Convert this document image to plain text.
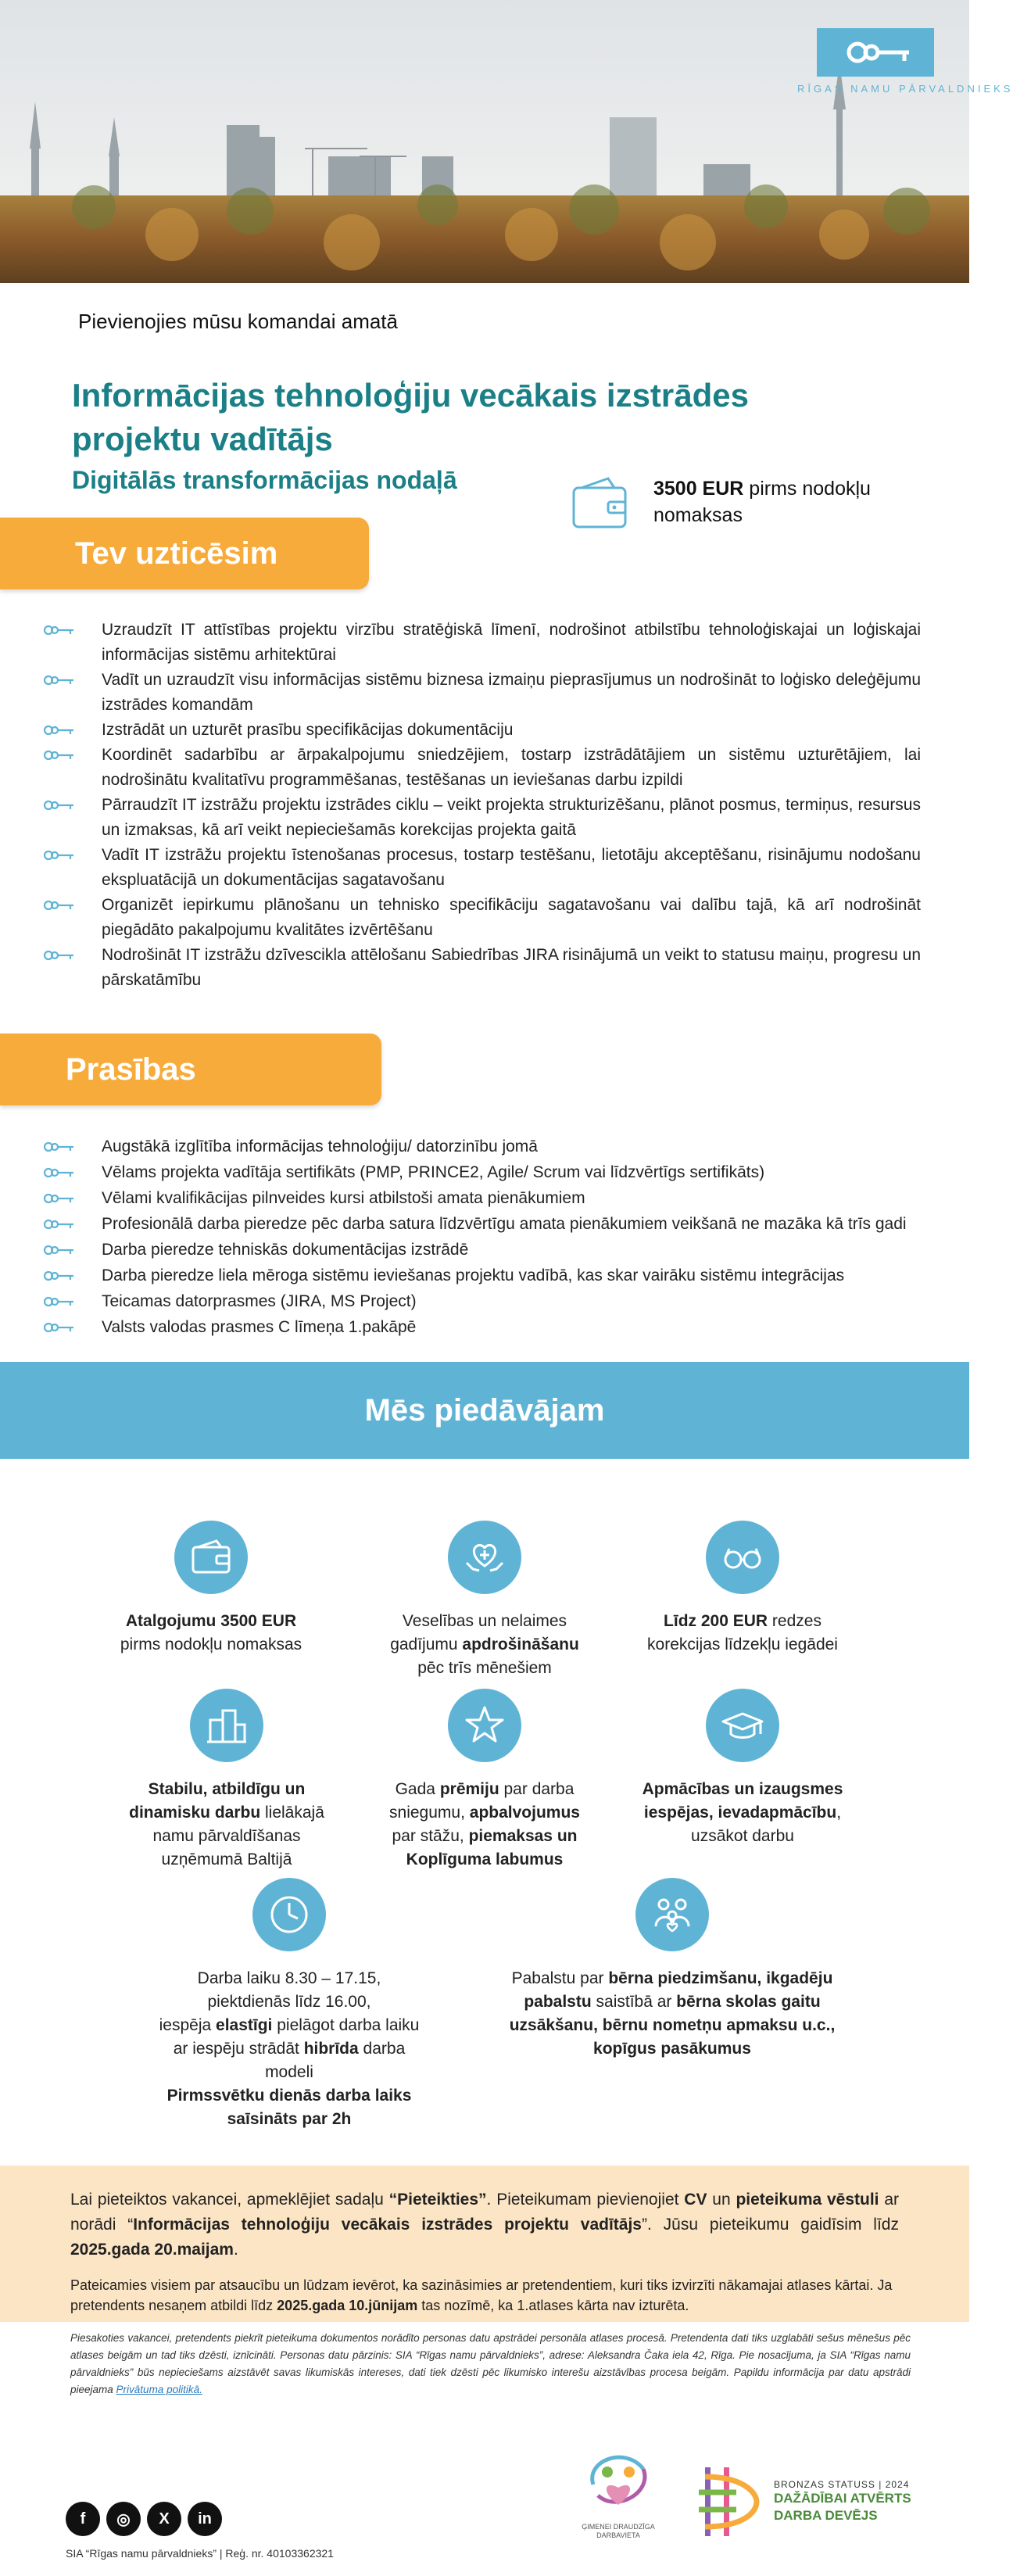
RĪGAS NAMU PĀRVALDNIEKS
Pievienojies mūsu komandai amatā
Informācijas tehnoloģiju vecākais izstrādes projektu vadītājs
Digitālās transformācijas nodaļā	3500 EUR pirms nodokļu nomaksas
Tev uzticēsim
Uzraudzīt IT attīstības projektu virzību stratēģiskā līmenī, nodrošinot atbilstību tehnoloģiskajai un loģiskajai informācijas sistēmu arhitektūrai
Vadīt un uzraudzīt visu informācijas sistēmu biznesa izmaiņu pieprasījumus un nodrošināt to loģisko deleģējumu izstrādes komandām
Izstrādāt un uzturēt prasību specifikācijas dokumentāciju
Koordinēt sadarbību ar ārpakalpojumu sniedzējiem, tostarp izstrādātājiem un sistēmu uzturētājiem, lai nodrošinātu kvalitatīvu programmēšanas, testēšanas un ieviešanas darbu izpildi
Pārraudzīt IT izstrāžu projektu izstrādes ciklu – veikt projekta strukturizēšanu, plānot posmus, termiņus, resursus un izmaksas, kā arī veikt nepieciešamās korekcijas projekta gaitā
Vadīt IT izstrāžu projektu īstenošanas procesus, tostarp testēšanu, lietotāju akceptēšanu, risinājumu nodošanu ekspluatācijā un dokumentācijas sagatavošanu
Organizēt iepirkumu plānošanu un tehnisko specifikāciju sagatavošanu vai dalību tajā, kā arī nodrošināt piegādāto pakalpojumu kvalitātes izvērtēšanu
Nodrošināt IT izstrāžu dzīvescikla attēlošanu Sabiedrības JIRA risinājumā un veikt to statusu maiņu, progresu un pārskatāmību
Prasības
Augstākā izglītība informācijas tehnoloģiju/ datorzinību jomā
Vēlams projekta vadītāja sertifikāts (PMP, PRINCE2, Agile/ Scrum vai līdzvērtīgs sertifikāts)
Vēlami kvalifikācijas pilnveides kursi atbilstoši amata pienākumiem
Profesionālā darba pieredze pēc darba satura līdzvērtīgu amata pienākumiem veikšanā ne mazāka kā trīs gadi
Darba pieredze tehniskās dokumentācijas izstrādē
Darba pieredze liela mēroga sistēmu ieviešanas projektu vadībā, kas skar vairāku sistēmu integrācijas
Teicamas datorprasmes (JIRA, MS Project)
Valsts valodas prasmes C līmeņa 1.pakāpē
Mēs piedāvājam
Atalgojumu 3500 EUR
pirms nodokļu nomaksas
Veselības un nelaimes gadījumu apdrošināšanu pēc trīs mēnešiem
Līdz 200 EUR redzes korekcijas līdzekļu iegādei
Stabilu, atbildīgu un dinamisku darbu lielākajā namu pārvaldīšanas uzņēmumā Baltijā
Gada prēmiju par darba sniegumu, apbalvojumus par stāžu, piemaksas un Koplīguma labumus
Apmācības un izaugsmes iespējas, ievadapmācību, uzsākot darbu
Darba laiku 8.30 – 17.15,
piektdienās līdz 16.00,
iespēja elastīgi pielāgot darba laiku ar iespēju strādāt hibrīda darba modeli
Pirmssvētku dienās darba laiks saīsināts par 2h
Pabalstu par bērna piedzimšanu, ikgadēju pabalstu saistībā ar bērna skolas gaitu uzsākšanu, bērnu nometņu apmaksu u.c., kopīgus pasākumus

Lai pieteiktos vakancei, apmeklējiet sadaļu “Pieteikties”. Pieteikumam pievienojiet CV un pieteikuma vēstuli ar norādi “Informācijas tehnoloģiju vecākais izstrādes projektu vadītājs”. Jūsu pieteikumu gaidīsim līdz 2025.gada 20.maijam.

Pateicamies visiem par atsaucību un lūdzam ievērot, ka sazināsimies ar pretendentiem, kuri tiks izvirzīti nākamajai atlases kārtai. Ja pretendents nesaņem atbildi līdz 2025.gada 10.jūnijam tas nozīmē, ka 1.atlases kārta nav izturēta.

Piesakoties vakancei, pretendents piekrīt pieteikuma dokumentos norādīto personas datu apstrādei personāla atlases procesā. Pretendenta dati tiks uzglabāti sešus mēnešus pēc atlases beigām un tad tiks dzēsti, iznīcināti. Personas datu pārzinis: SIA “Rīgas namu pārvaldnieks”, adrese: Aleksandra Čaka iela 42, Rīga. Pie nosacījuma, ja SIA “Rīgas namu pārvaldnieks” būs nepieciešams aizstāvēt savas likumiskās intereses, dati tiek dzēsti pēc likumisko interešu aizstāvības procesa beigām. Papildu informācija par datu apstrādi pieejama Privātuma politikā.
ĢIMENEI DRAUDZĪGA DARBAVIETA
BRONZAS STATUSS | 2024
DAŽĀDĪBAI ATVĒRTS DARBA DEVĒJS
f ◎ X in
SIA “Rīgas namu pārvaldnieks” | Reģ. nr. 40103362321
